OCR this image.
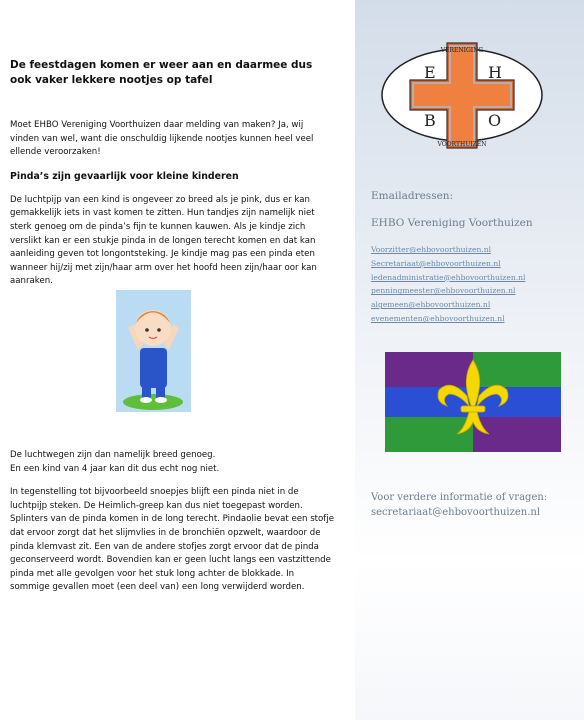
De feestdagen komen er weer aan en daarmee dus ook vaker lekkere nootjes op tafel

Moet EHBO Vereniging Voorthuizen daar melding van maken? Ja, wij vinden van wel, want die onschuldig lijkende nootjes kunnen heel veel ellende veroorzaken!

Pinda’s zijn gevaarlijk voor kleine kinderen

De luchtpijp van een kind is ongeveer zo breed als je pink, dus er kan gemakkelijk iets in vast komen te zitten. Hun tandjes zijn namelijk niet sterk genoeg om de pinda’s fijn te kunnen kauwen. Als je kindje zich verslikt kan er een stukje pinda in de longen terecht komen en dat kan aanleiding geven tot longontsteking. Je kindje mag pas een pinda eten wanneer hij/zij met zijn/haar arm over het hoofd heen zijn/haar oor kan aanraken.

De luchtwegen zijn dan namelijk breed genoeg.
En een kind van 4 jaar kan dit dus echt nog niet.

In tegenstelling tot bijvoorbeeld snoepjes blijft een pinda niet in de luchtpijp steken. De Heimlich-greep kan dus niet toegepast worden. Splinters van de pinda komen in de long terecht. Pindaolie bevat een stofje dat ervoor zorgt dat het slijmvlies in de bronchiën opzwelt, waardoor de pinda klemvast zit. Een van de andere stofjes zorgt ervoor dat de pinda geconserveerd wordt. Bovendien kan er geen lucht langs een vastzittende pinda met alle gevolgen voor het stuk long achter de blokkade. In sommige gevallen moet (een deel van) een long verwijderd worden.

VERENIGING
VOORTHUIZEN
E	H
B	O
Emailadressen:
EHBO Vereniging Voorthuizen
Voorzitter@ehbovoorthuizen.nl
Secretariaat@ehbovoorthuizen.nl
ledenadministratie@ehbovoorthuizen.nl
penningmeester@ehbovoorthuizen.nl
algemeen@ehbovoorthuizen.nl
evenementen@ehbovoorthuizen.nl
Voor verdere informatie of vragen:
secretariaat@ehbovoorthuizen.nl
